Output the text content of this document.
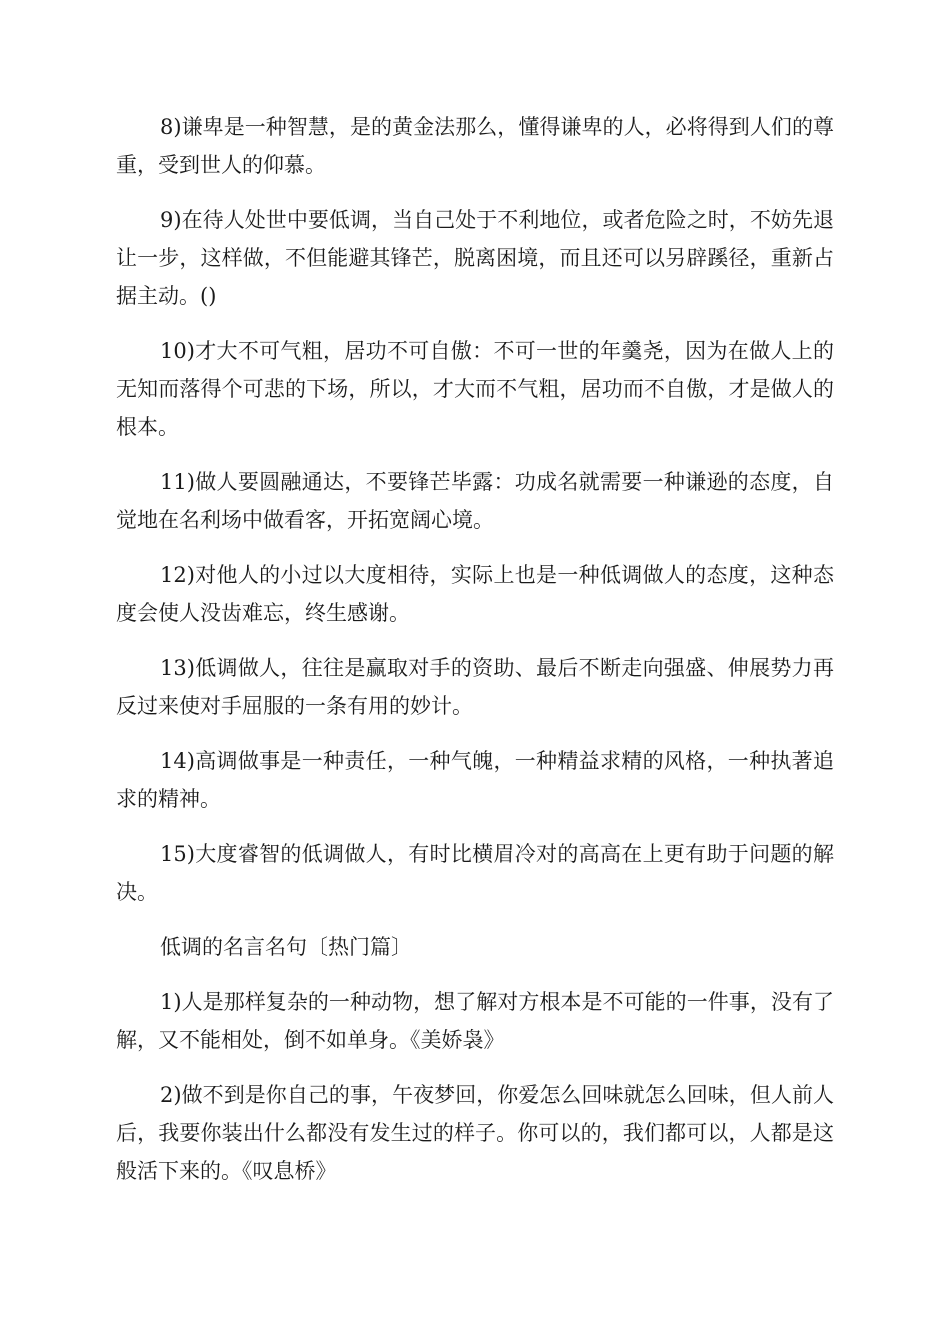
8)谦卑是一种智慧，是的黄金法那么，懂得谦卑的人，必将得到人们的尊重，受到世人的仰慕。

9)在待人处世中要低调，当自己处于不利地位，或者危险之时，不妨先退让一步，这样做，不但能避其锋芒，脱离困境，而且还可以另辟蹊径，重新占据主动。()

10)才大不可气粗，居功不可自傲：不可一世的年羹尧，因为在做人上的无知而落得个可悲的下场，所以，才大而不气粗，居功而不自傲，才是做人的根本。

11)做人要圆融通达，不要锋芒毕露：功成名就需要一种谦逊的态度，自觉地在名利场中做看客，开拓宽阔心境。

12)对他人的小过以大度相待，实际上也是一种低调做人的态度，这种态度会使人没齿难忘，终生感谢。

13)低调做人，往往是赢取对手的资助、最后不断走向强盛、伸展势力再反过来使对手屈服的一条有用的妙计。

14)高调做事是一种责任，一种气魄，一种精益求精的风格，一种执著追求的精神。

15)大度睿智的低调做人，有时比横眉冷对的高高在上更有助于问题的解决。

低调的名言名句〔热门篇〕

1)人是那样复杂的一种动物，想了解对方根本是不可能的一件事，没有了解，又不能相处，倒不如单身。《美娇袅》

2)做不到是你自己的事，午夜梦回，你爱怎么回味就怎么回味，但人前人后，我要你装出什么都没有发生过的样子。你可以的，我们都可以，人都是这般活下来的。《叹息桥》
